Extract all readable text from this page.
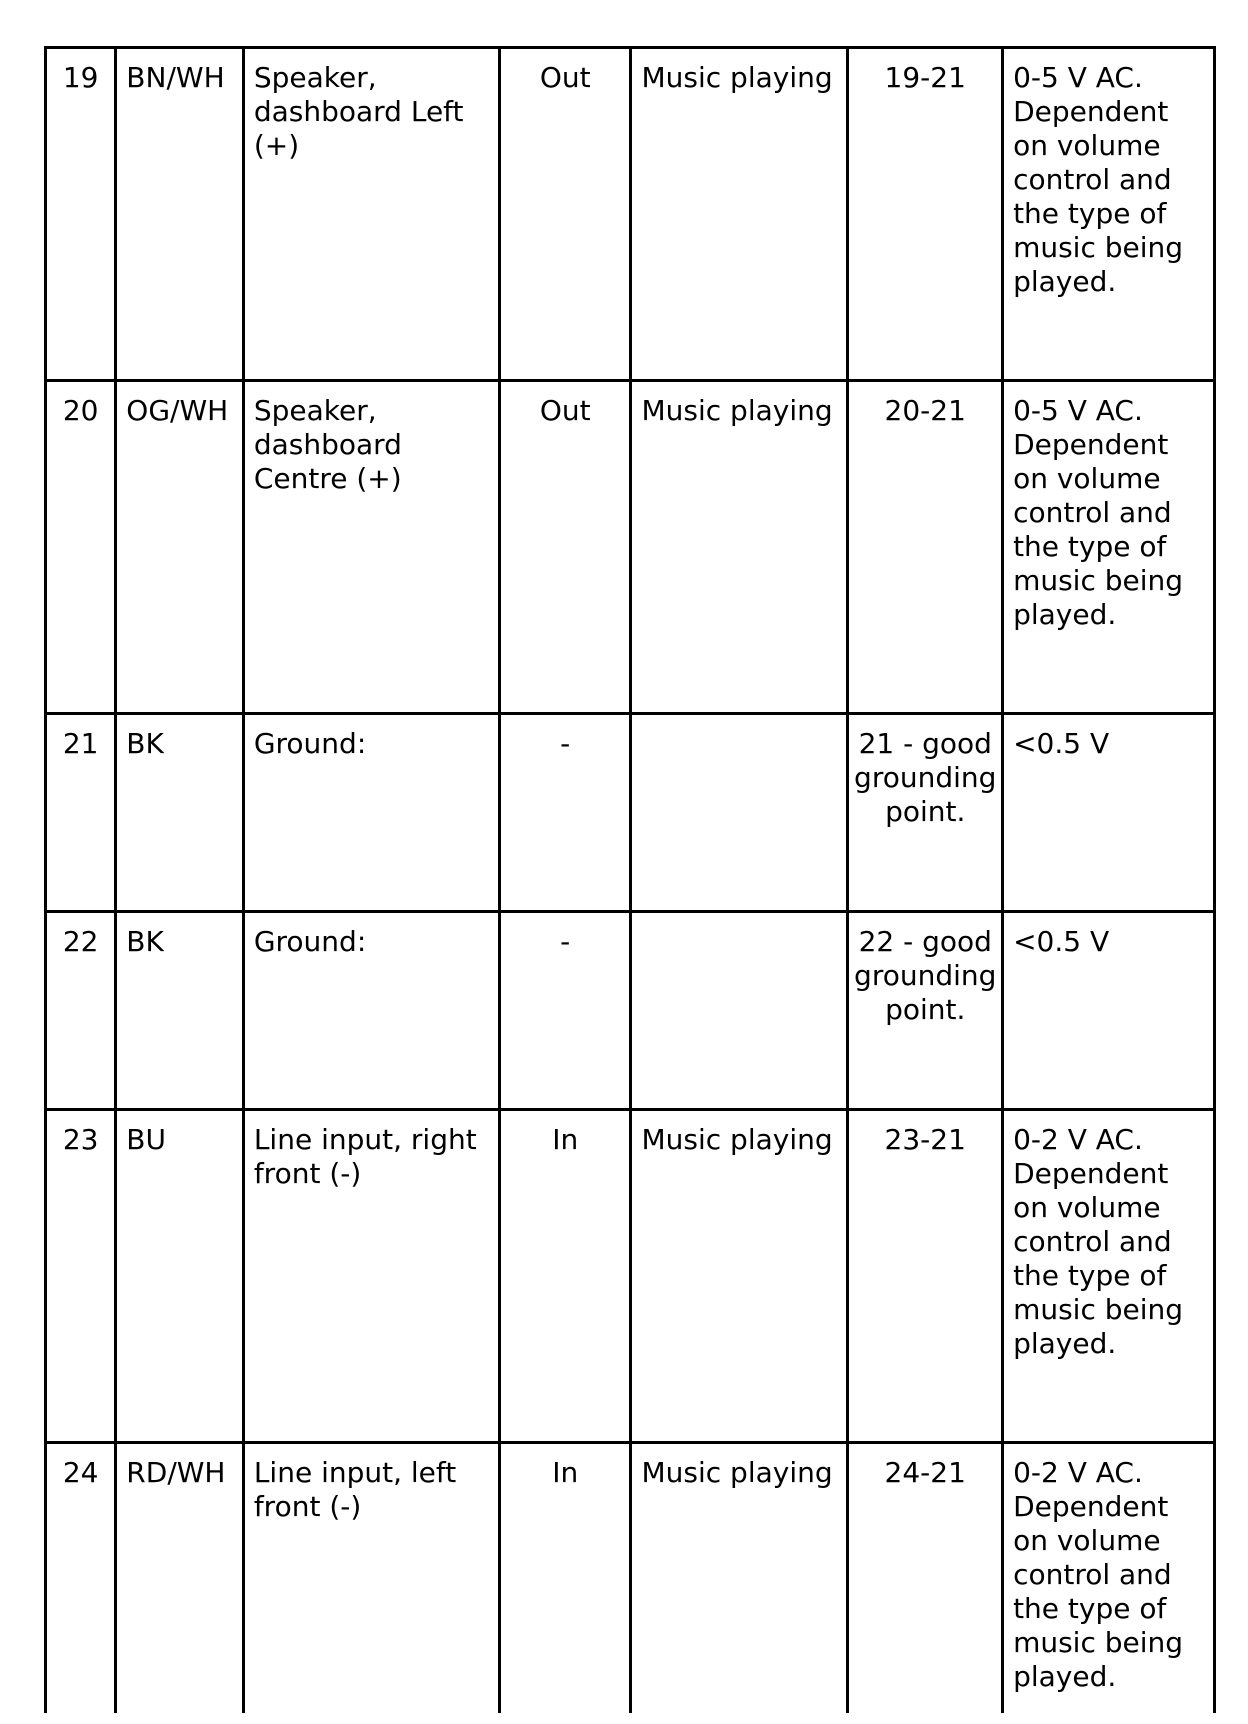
19	BN/WH	Speaker, dashboard Left (+)	Out	Music playing	19-21	0-5 V AC. Dependent on volume control and the type of music being played.
20	OG/WH	Speaker, dashboard Centre (+)	Out	Music playing	20-21	0-5 V AC. Dependent on volume control and the type of music being played.
21	BK	Ground:	-		21 - good grounding point.	<0.5 V
22	BK	Ground:	-		22 - good grounding point.	<0.5 V
23	BU	Line input, right front (-)	In	Music playing	23-21	0-2 V AC. Dependent on volume control and the type of music being played.
24	RD/WH	Line input, left front (-)	In	Music playing	24-21	0-2 V AC. Dependent on volume control and the type of music being played.
